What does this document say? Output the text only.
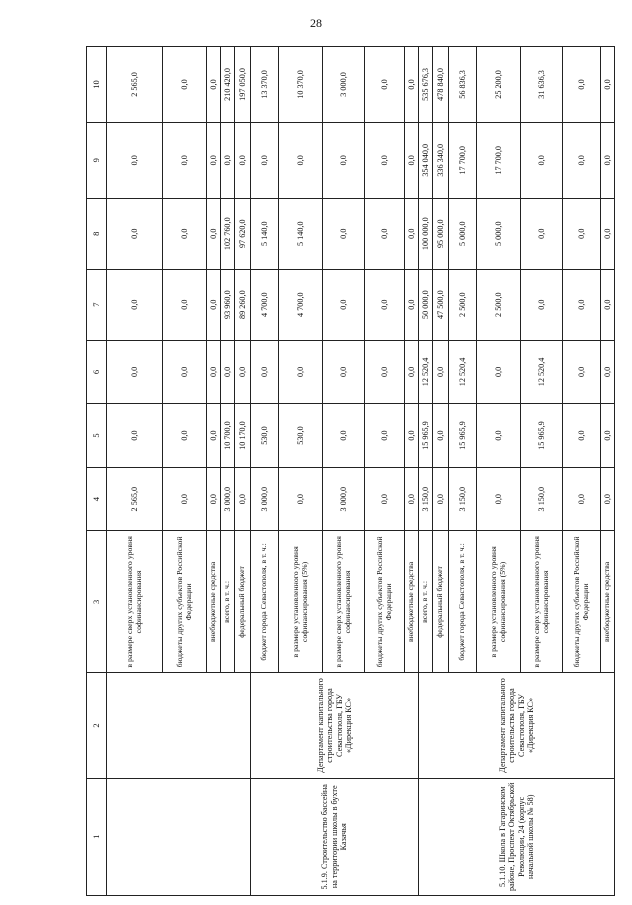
28
1	2	3	4	5	6	7	8	9	10
		в размере сверх установленного уровня софинансирования	2 565,0	0,0	0,0	0,0	0,0	0,0	2 565,0
		бюджеты других субъектов Российской Федерации	0,0	0,0	0,0	0,0	0,0	0,0	0,0
		внебюджетные средства	0,0	0,0	0,0	0,0	0,0	0,0	0,0
		всего, в т. ч.:	3 000,0	10 700,0	0,0	93 960,0	102 760,0	0,0	210 420,0
		федеральный бюджет	0,0	10 170,0	0,0	89 260,0	97 620,0	0,0	197 050,0
5.1.9. Строительство бассейна на территории школы в бухте Казачья	Департамент капитального строительства города Севастополя, ГБУ «Дирекция КС»	бюджет города Севастополя, в т. ч.:	3 000,0	530,0	0,0	4 700,0	5 140,0	0,0	13 370,0
		в размере установленного уровня софинансирования (5%)	0,0	530,0	0,0	4 700,0	5 140,0	0,0	10 370,0
		в размере сверх установленного уровня софинансирования	3 000,0	0,0	0,0	0,0	0,0	0,0	3 000,0
		бюджеты других субъектов Российской Федерации	0,0	0,0	0,0	0,0	0,0	0,0	0,0
		внебюджетные средства	0,0	0,0	0,0	0,0	0,0	0,0	0,0
5.1.10. Школа в Гагаринском районе, Проспект Октябрьской Революции, 24 (корпус начальной школы № 58)	Департамент капитального строительства города Севастополя, ГБУ «Дирекция КС»	всего, в т. ч.:	3 150,0	15 965,9	12 520,4	50 000,0	100 000,0	354 040,0	535 676,3
		федеральный бюджет	0,0	0,0	0,0	47 500,0	95 000,0	336 340,0	478 840,0
		бюджет города Севастополя, в т. ч.:	3 150,0	15 965,9	12 520,4	2 500,0	5 000,0	17 700,0	56 836,3
		в размере установленного уровня софинансирования (5%)	0,0	0,0	0,0	2 500,0	5 000,0	17 700,0	25 200,0
		в размере сверх установленного уровня софинансирования	3 150,0	15 965,9	12 520,4	0,0	0,0	0,0	31 636,3
		бюджеты других субъектов Российской Федерации	0,0	0,0	0,0	0,0	0,0	0,0	0,0
		внебюджетные средства	0,0	0,0	0,0	0,0	0,0	0,0	0,0
